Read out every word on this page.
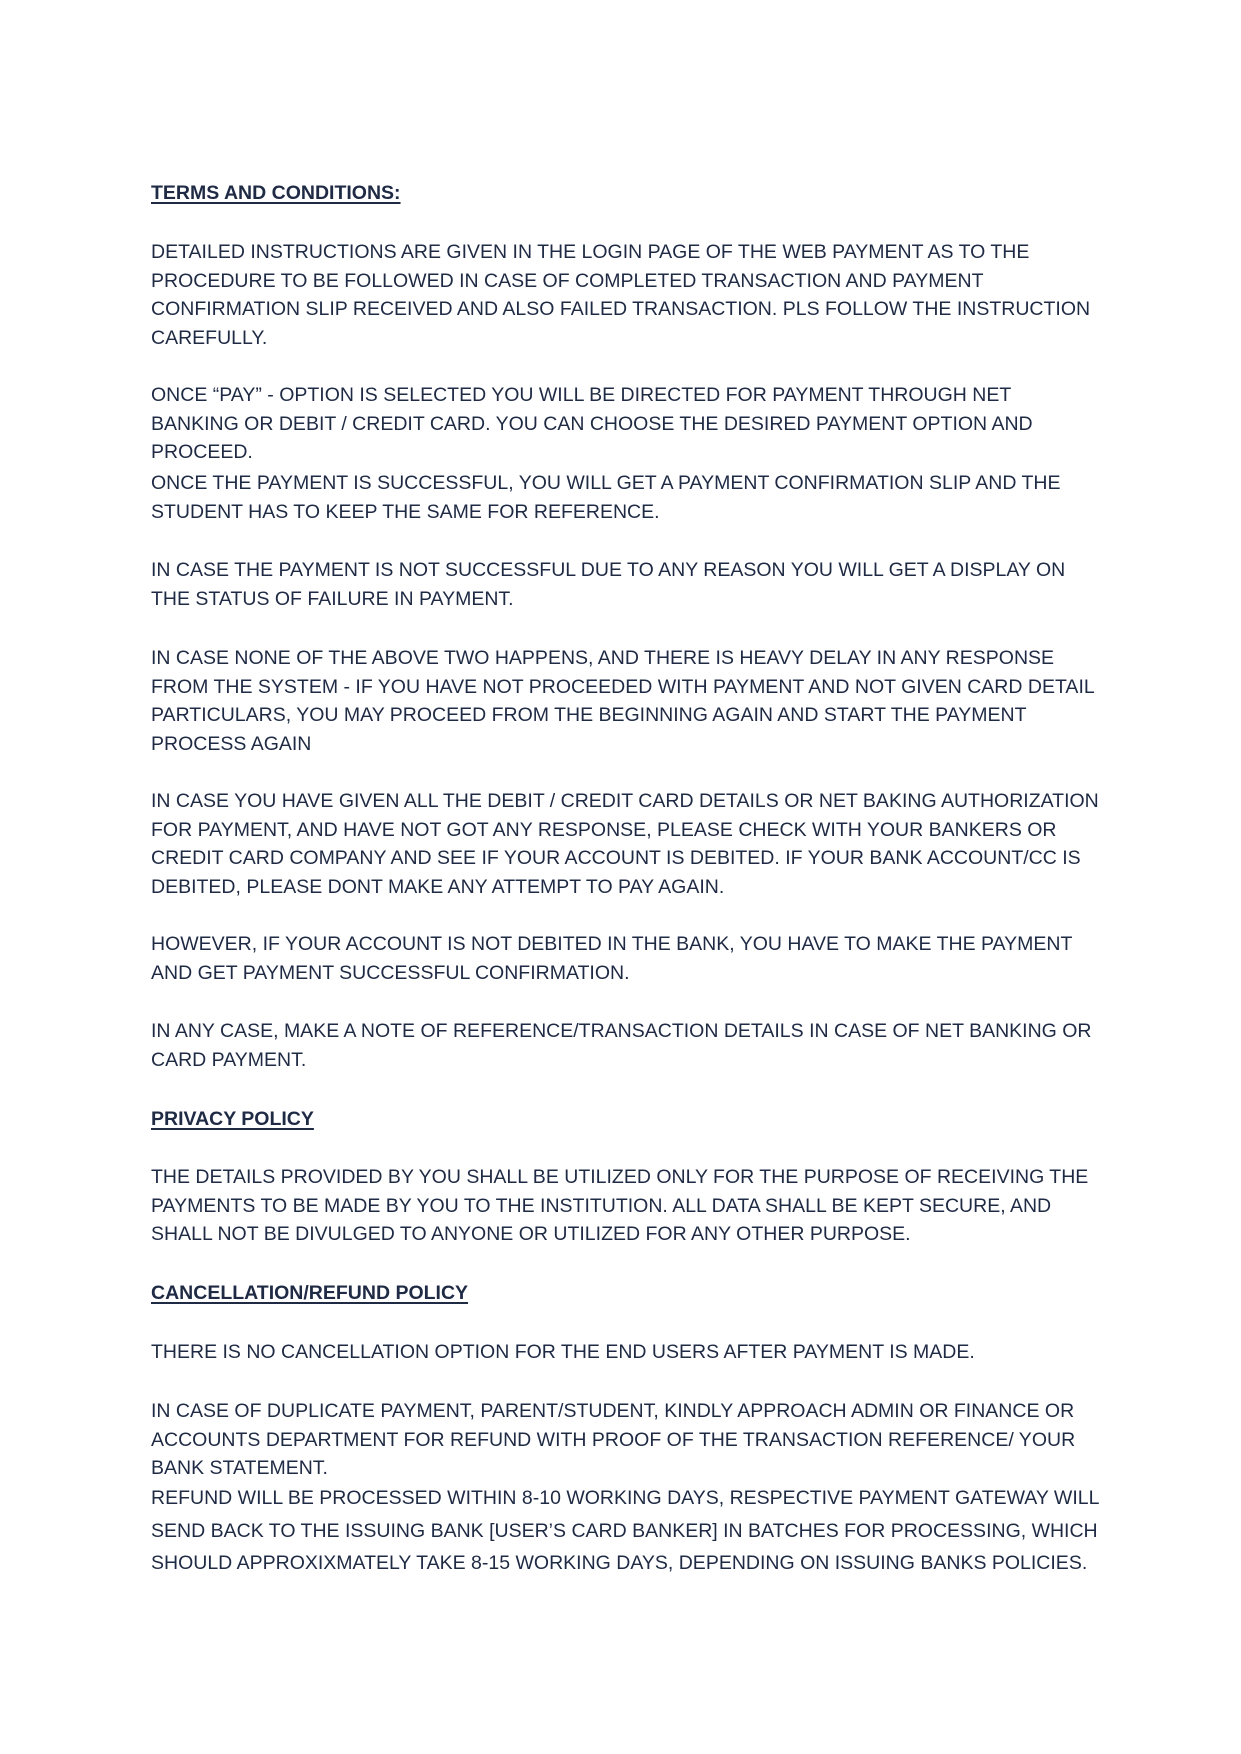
TERMS AND CONDITIONS:

DETAILED INSTRUCTIONS ARE GIVEN IN THE LOGIN PAGE OF THE WEB PAYMENT AS TO THE PROCEDURE TO BE FOLLOWED IN CASE OF COMPLETED TRANSACTION AND PAYMENT CONFIRMATION SLIP RECEIVED AND ALSO FAILED TRANSACTION. PLS FOLLOW THE INSTRUCTION CAREFULLY.

ONCE “PAY” - OPTION IS SELECTED YOU WILL BE DIRECTED FOR PAYMENT THROUGH NET BANKING OR DEBIT / CREDIT CARD. YOU CAN CHOOSE THE DESIRED PAYMENT OPTION AND PROCEED.

ONCE THE PAYMENT IS SUCCESSFUL, YOU WILL GET A PAYMENT CONFIRMATION SLIP AND THE STUDENT HAS TO KEEP THE SAME FOR REFERENCE.

IN CASE THE PAYMENT IS NOT SUCCESSFUL DUE TO ANY REASON YOU WILL GET A DISPLAY ON THE STATUS OF FAILURE IN PAYMENT.

IN CASE NONE OF THE ABOVE TWO HAPPENS, AND THERE IS HEAVY DELAY IN ANY RESPONSE FROM THE SYSTEM - IF YOU HAVE NOT PROCEEDED WITH PAYMENT AND NOT GIVEN CARD DETAIL PARTICULARS, YOU MAY PROCEED FROM THE BEGINNING AGAIN AND START THE PAYMENT PROCESS AGAIN

IN CASE YOU HAVE GIVEN ALL THE DEBIT / CREDIT CARD DETAILS OR NET BAKING AUTHORIZATION FOR PAYMENT, AND HAVE NOT GOT ANY RESPONSE, PLEASE CHECK WITH YOUR BANKERS OR CREDIT CARD COMPANY AND SEE IF YOUR ACCOUNT IS DEBITED. IF YOUR BANK ACCOUNT/CC IS DEBITED, PLEASE DONT MAKE ANY ATTEMPT TO PAY AGAIN.

HOWEVER, IF YOUR ACCOUNT IS NOT DEBITED IN THE BANK, YOU HAVE TO MAKE THE PAYMENT AND GET PAYMENT SUCCESSFUL CONFIRMATION.

IN ANY CASE, MAKE A NOTE OF REFERENCE/TRANSACTION DETAILS IN CASE OF NET BANKING OR CARD PAYMENT.

PRIVACY POLICY

THE DETAILS PROVIDED BY YOU SHALL BE UTILIZED ONLY FOR THE PURPOSE OF RECEIVING THE PAYMENTS TO BE MADE BY YOU TO THE INSTITUTION. ALL DATA SHALL BE KEPT SECURE, AND SHALL NOT BE DIVULGED TO ANYONE OR UTILIZED FOR ANY OTHER PURPOSE.

CANCELLATION/REFUND POLICY

THERE IS NO CANCELLATION OPTION FOR THE END USERS AFTER PAYMENT IS MADE.

IN CASE OF DUPLICATE PAYMENT, PARENT/STUDENT, KINDLY APPROACH ADMIN OR FINANCE OR ACCOUNTS DEPARTMENT FOR REFUND WITH PROOF OF THE TRANSACTION REFERENCE/ YOUR BANK STATEMENT.

REFUND WILL BE PROCESSED WITHIN 8-10 WORKING DAYS, RESPECTIVE PAYMENT GATEWAY WILL SEND BACK TO THE ISSUING BANK [USER’S CARD BANKER] IN BATCHES FOR PROCESSING, WHICH SHOULD APPROXIXMATELY TAKE 8-15 WORKING DAYS, DEPENDING ON ISSUING BANKS POLICIES.
